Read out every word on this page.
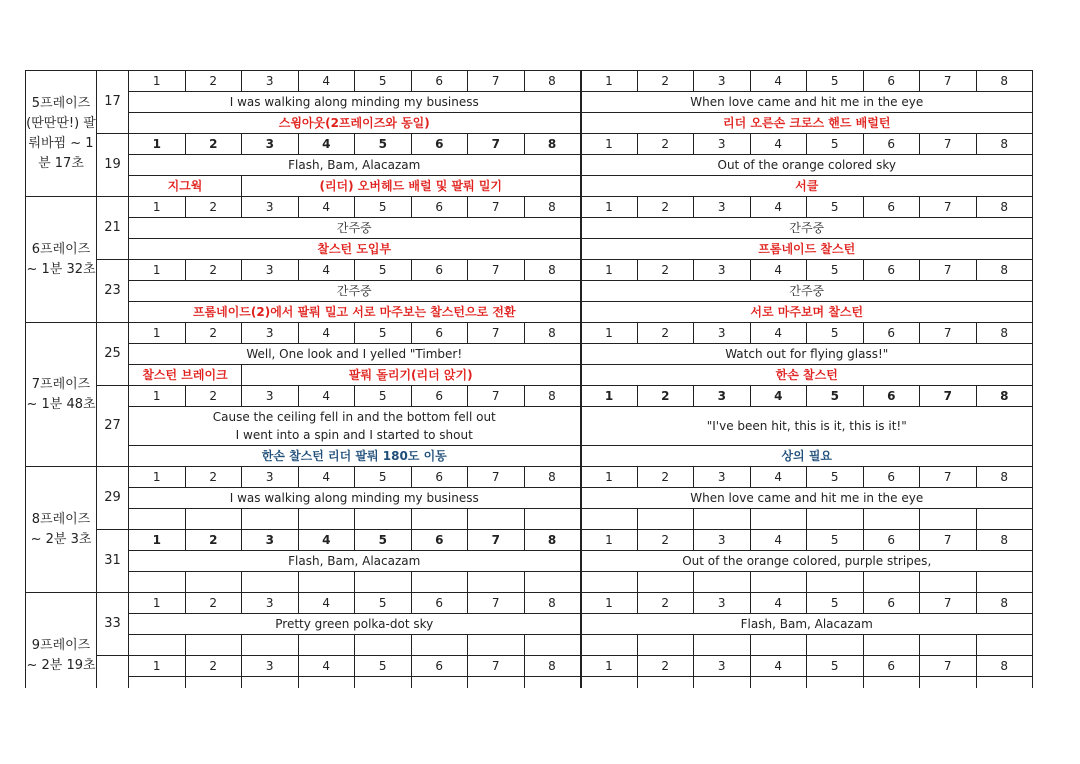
5프레이즈 (딴딴딴!) 팔뤄바뀜 ~ 1분 17초	17	1	2	3	4	5	6	7	8	1	2	3	4	5	6	7	8
		I was walking along minding my business								When love came and hit me in the eye							
		스윙아웃(2프레이즈와 동일)								리더 오른손 크로스 핸드 배럴턴							
	19	1	2	3	4	5	6	7	8	1	2	3	4	5	6	7	8
		Flash, Bam, Alacazam								Out of the orange colored sky							
		지그웍		(리더) 오버헤드 배럴 및 팔뤄 밀기						서클							
6프레이즈 ~ 1분 32초	21	1	2	3	4	5	6	7	8	1	2	3	4	5	6	7	8
		간주중								간주중							
		찰스턴 도입부								프롬네이드 찰스턴							
	23	1	2	3	4	5	6	7	8	1	2	3	4	5	6	7	8
		간주중								간주중							
		프롬네이드(2)에서 팔뤄 밀고 서로 마주보는 찰스턴으로 전환								서로 마주보며 찰스턴							
7프레이즈 ~ 1분 48초	25	1	2	3	4	5	6	7	8	1	2	3	4	5	6	7	8
		Well, One look and I yelled "Timber!								Watch out for flying glass!"							
		찰스턴 브레이크		팔뤄 돌리기(리더 앉기)						한손 찰스턴							
	27	1	2	3	4	5	6	7	8	1	2	3	4	5	6	7	8
		Cause the ceiling fell in and the bottom fell out
I went into a spin and I started to shout								"I've been hit, this is it, this is it!"							
		한손 찰스턴 리더 팔뤄 180도 이동								상의 필요							
8프레이즈 ~ 2분 3초	29	1	2	3	4	5	6	7	8	1	2	3	4	5	6	7	8
		I was walking along minding my business								When love came and hit me in the eye							

	31	1	2	3	4	5	6	7	8	1	2	3	4	5	6	7	8
		Flash, Bam, Alacazam								Out of the orange colored, purple stripes,							

9프레이즈 ~ 2분 19초	33	1	2	3	4	5	6	7	8	1	2	3	4	5	6	7	8
		Pretty green polka-dot sky								Flash, Bam, Alacazam							

		1	2	3	4	5	6	7	8	1	2	3	4	5	6	7	8
